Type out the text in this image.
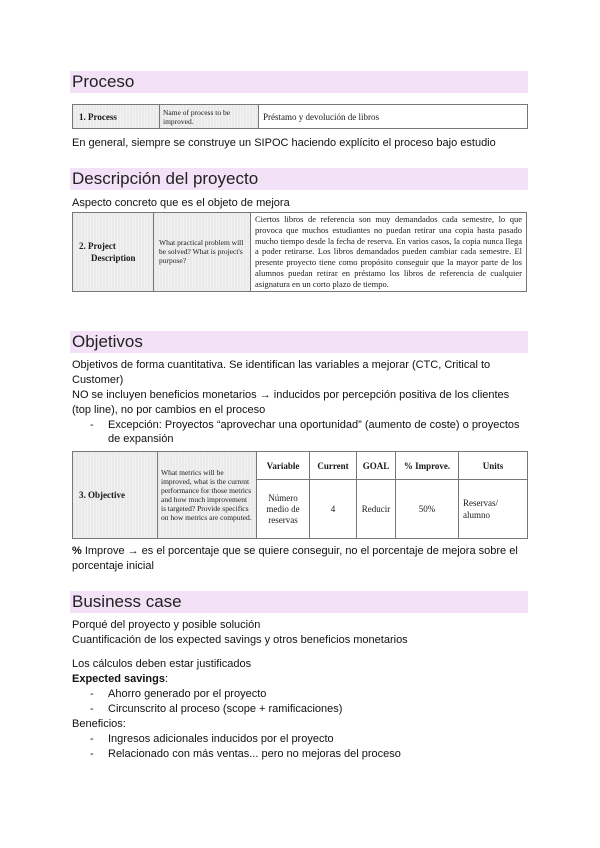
Proceso
1. Process	Name of process to be improved.	Préstamo y devolución de libros
En general, siempre se construye un SIPOC haciendo explícito el proceso bajo estudio
Descripción del proyecto
Aspecto concreto que es el objeto de mejora
2. Project
Description
	What practical problem will be solved? What is project's purpose?	Ciertos libros de referencia son muy demandados cada semestre, lo que provoca que muchos estudiantes no puedan retirar una copia hasta pasado mucho tiempo desde la fecha de reserva. En varios casos, la copia nunca llega a poder retirarse. Los libros demandados pueden cambiar cada semestre. El presente proyecto tiene como propósito conseguir que la mayor parte de los alumnos puedan retirar en préstamo los libros de referencia de cualquier asignatura en un corto plazo de tiempo.
Objetivos
Objetivos de forma cuantitativa. Se identifican las variables a mejorar (CTC, Critical to
Customer)
NO se incluyen beneficios monetarios → inducidos por percepción positiva de los clientes
(top line), no por cambios en el proceso
- Excepción: Proyectos “aprovechar una oportunidad” (aumento de coste) o proyectos
de expansión
3. Objective	What metrics will be improved, what is the current performance for those metrics and how much improvement is targeted? Provide specifics on how metrics are computed.	Variable	Current	GOAL	% Improve.	Units
		Número medio de reservas	4	Reducir	50%	Reservas/ alumno
% Improve → es el porcentaje que se quiere conseguir, no el porcentaje de mejora sobre el
porcentaje inicial
Business case
Porqué del proyecto y posible solución
Cuantificación de los expected savings y otros beneficios monetarios
Los cálculos deben estar justificados
Expected savings:
- Ahorro generado por el proyecto
- Circunscrito al proceso (scope + ramificaciones)
Beneficios:
- Ingresos adicionales inducidos por el proyecto
- Relacionado con más ventas... pero no mejoras del proceso
